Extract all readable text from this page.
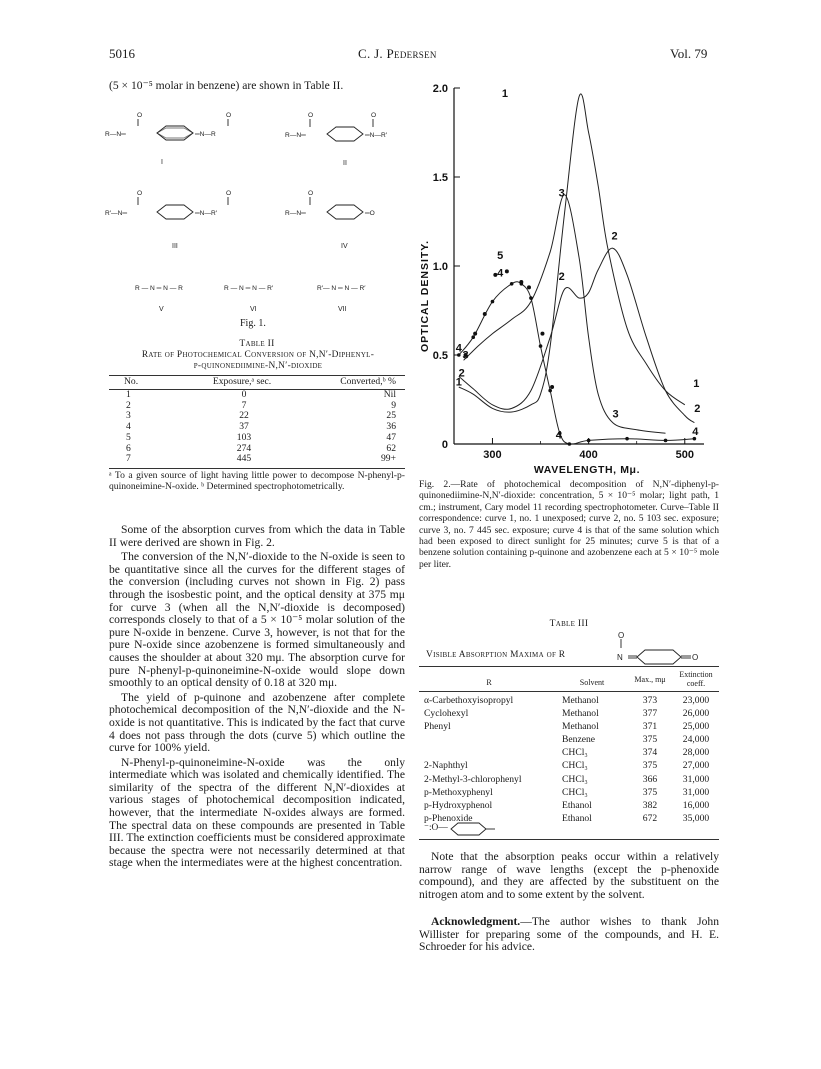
5016	C. J. Pedersen	Vol. 79
(5 × 10⁻⁵ molar in benzene) are shown in Table II.
O	O
R—N═	═N—R
O	O
R—N═	═N—R′
O	O
R′—N═	═N—R′
O
R—N═	═O
R — N ═ N — R	R — N ═ N — R′	R′— N ═ N — R′
I	II
III	IV
V	VI	VII
Fig. 1.
Table II
Rate of Photochemical Conversion of N,N′-Diphenyl-
p-quinonediimine-N,N′-dioxide
No.	Exposure,ᵃ sec.	Converted,ᵇ %
1	0	Nil
2	7	9
3	22	25
4	37	36
5	103	47
6	274	62
7	445	99+
ᵃ To a given source of light having little power to decompose N-phenyl-p-quinoneimine-N-oxide. ᵇ Determined spectrophotometrically.

Some of the absorption curves from which the data in Table II were derived are shown in Fig. 2.

The conversion of the N,N′-dioxide to the N-oxide is seen to be quantitative since all the curves for the different stages of the conversion (including curves not shown in Fig. 2) pass through the isosbestic point, and the optical density at 375 mμ for curve 3 (when all the N,N′-dioxide is decomposed) corresponds closely to that of a 5 × 10⁻⁵ molar solution of the pure N-oxide in benzene. Curve 3, however, is not that for the pure N-oxide since azobenzene is formed simultaneously and causes the shoulder at about 320 mμ. The absorption curve for pure N-phenyl-p-quinoneimine-N-oxide would slope down smoothly to an optical density of 0.18 at 320 mμ.

The yield of p-quinone and azobenzene after complete photochemical decomposition of the N,N′-dioxide and the N-oxide is not quantitative. This is indicated by the fact that curve 4 does not pass through the dots (curve 5) which outline the curve for 100% yield.

N-Phenyl-p-quinoneimine-N-oxide was the only intermediate which was isolated and chemically identified. The similarity of the spectra of the different N,N′-dioxides at various stages of photochemical decomposition indicated, however, that the intermediate N-oxides always are formed. The spectral data on these compounds are presented in Table III. The extinction coefficients must be considered approximate because the spectra were not necessarily determined at that stage when the intermediates were at the highest concentration.

0
0.5
1.0
1.5
2.0
300	400	500
WAVELENGTH, Mμ.
OPTICAL DENSITY.
1
1	1
2
2
2
2
3
3
3
4
4
4	4
5
Fig. 2.—Rate of photochemical decomposition of N,N′-diphenyl-p-quinonediimine-N,N′-dioxide: concentration, 5 × 10⁻⁵ molar; light path, 1 cm.; instrument, Cary model 11 recording spectrophotometer. Curve–Table II correspondence: curve 1, no. 1 unexposed; curve 2, no. 5 103 sec. exposure; curve 3, no. 7 445 sec. exposure; curve 4 is that of the same solution which had been exposed to direct sunlight for 25 minutes; curve 5 is that of a benzene solution containing p-quinone and azobenzene each at 5 × 10⁻⁵ mole per liter.
Table III
Visible Absorption Maxima of R
O
N	O
R	Solvent	Max., mμ	Extinction coeff.
α-Carbethoxyisopropyl	Methanol	373	23,000
Cyclohexyl	Methanol	377	26,000
Phenyl	Methanol	371	25,000
	Benzene	375	24,000
	CHCl₃	374	28,000
2-Naphthyl	CHCl₃	375	27,000
2-Methyl-3-chlorophenyl	CHCl₃	366	31,000
p-Methoxyphenyl	CHCl₃	375	31,000
p-Hydroxyphenol	Ethanol	382	16,000
p-Phenoxide	Ethanol	672	35,000
⁻:O—

Note that the absorption peaks occur within a relatively narrow range of wave lengths (except the p-phenoxide compound), and they are affected by the substituent on the nitrogen atom and to some extent by the solvent.

Acknowledgment.—The author wishes to thank John Willister for preparing some of the compounds, and H. E. Schroeder for his advice.
